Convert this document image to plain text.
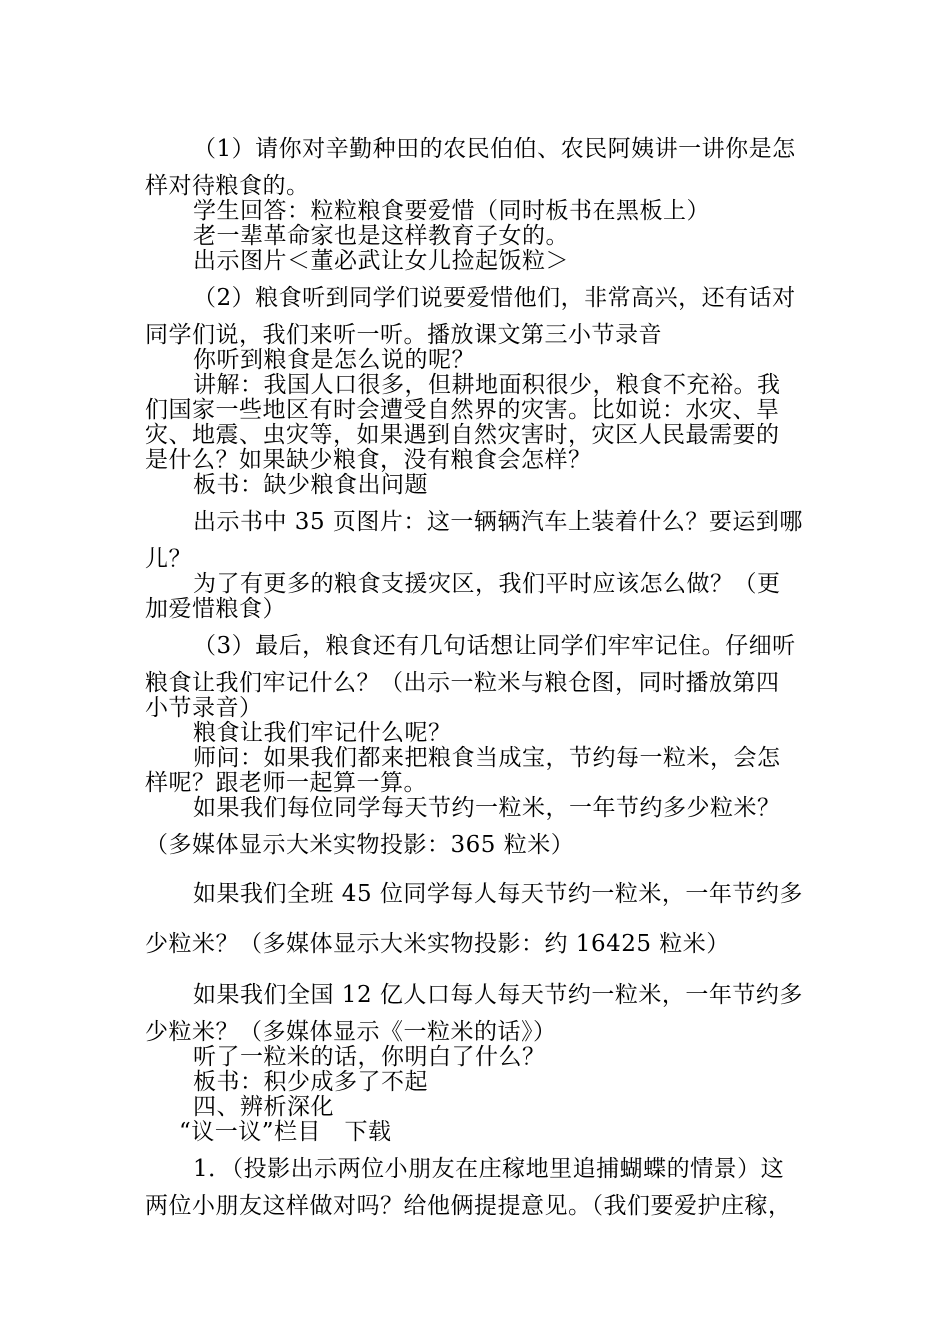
（1）请你对辛勤种田的农民伯伯、农民阿姨讲一讲你是怎
样对待粮食的。
学生回答：粒粒粮食要爱惜（同时板书在黑板上）
老一辈革命家也是这样教育子女的。
出示图片＜董必武让女儿捡起饭粒＞
（2）粮食听到同学们说要爱惜他们，非常高兴，还有话对
同学们说，我们来听一听。播放课文第三小节录音
你听到粮食是怎么说的呢？
讲解：我国人口很多，但耕地面积很少，粮食不充裕。我
们国家一些地区有时会遭受自然界的灾害。比如说：水灾、旱
灾、地震、虫灾等，如果遇到自然灾害时，灾区人民最需要的
是什么？如果缺少粮食，没有粮食会怎样？
板书：缺少粮食出问题
出示书中 35 页图片：这一辆辆汽车上装着什么？要运到哪
儿？
为了有更多的粮食支援灾区，我们平时应该怎么做？（更
加爱惜粮食）
（3）最后，粮食还有几句话想让同学们牢牢记住。仔细听
粮食让我们牢记什么？（出示一粒米与粮仓图，同时播放第四
小节录音）
粮食让我们牢记什么呢？
师问：如果我们都来把粮食当成宝，节约每一粒米，会怎
样呢？跟老师一起算一算。
如果我们每位同学每天节约一粒米，一年节约多少粒米？
（多媒体显示大米实物投影：365 粒米）
如果我们全班 45 位同学每人每天节约一粒米，一年节约多
少粒米？（多媒体显示大米实物投影：约 16425 粒米）
如果我们全国 12 亿人口每人每天节约一粒米，一年节约多
少粒米？（多媒体显示《一粒米的话》）
听了一粒米的话，你明白了什么？
板书：积少成多了不起
四、辨析深化
“议一议”栏目　下载
1．（投影出示两位小朋友在庄稼地里追捕蝴蝶的情景）这
两位小朋友这样做对吗？给他俩提提意见。（我们要爱护庄稼，
